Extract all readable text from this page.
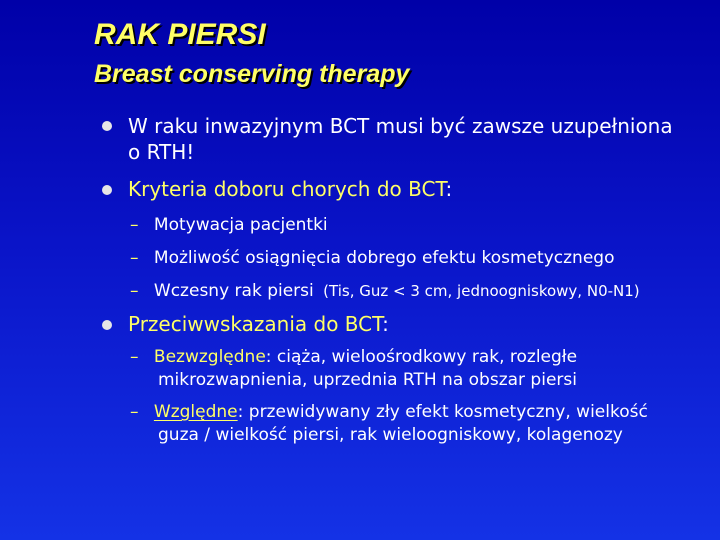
RAK PIERSI
Breast conserving therapy
W raku inwazyjnym BCT musi być zawsze uzupełniona
o RTH!
Kryteria doboru chorych do BCT:
– Motywacja pacjentki
– Możliwość osiągnięcia dobrego efektu kosmetycznego
– Wczesny rak piersi (Tis, Guz < 3 cm, jednoogniskowy, N0-N1)
Przeciwwskazania do BCT:
– Bezwzględne: ciąża, wieloośrodkowy rak, rozległe
mikrozwapnienia, uprzednia RTH na obszar piersi
– Względne: przewidywany zły efekt kosmetyczny, wielkość
guza / wielkość piersi, rak wieloogniskowy, kolagenozy
